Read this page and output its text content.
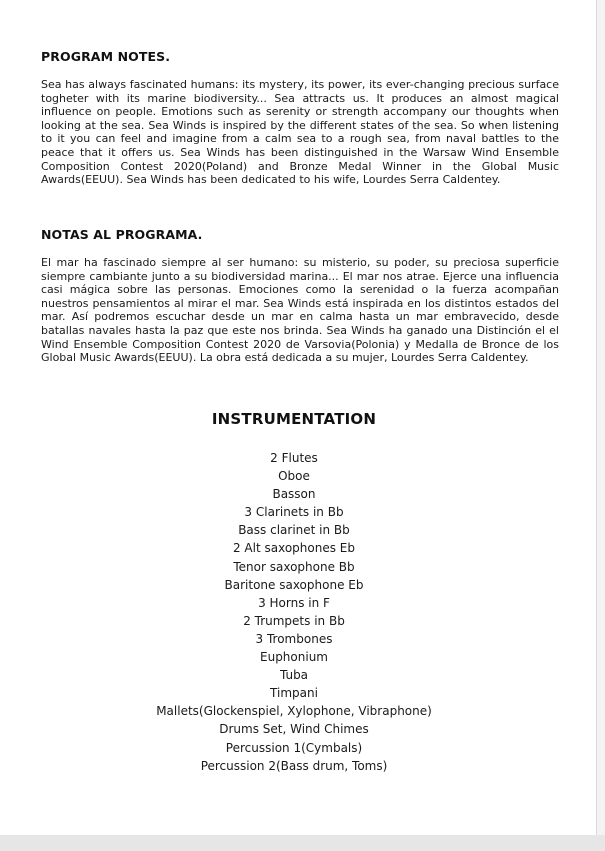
PROGRAM NOTES.

Sea has always fascinated humans: its mystery, its power, its ever-changing precious surface togheter with its marine biodiversity... Sea attracts us. It produces an almost magical influence on people. Emotions such as serenity or strength accompany our thoughts when looking at the sea. Sea Winds is inspired by the different states of the sea. So when listening to it you can feel and imagine from a calm sea to a rough sea, from naval battles to the peace that it offers us. Sea Winds has been distinguished in the Warsaw Wind Ensemble Composition Contest 2020(Poland) and Bronze Medal Winner in the Global Music Awards(EEUU). Sea Winds has been dedicated to his wife, Lourdes Serra Caldentey.

NOTAS AL PROGRAMA.

El mar ha fascinado siempre al ser humano: su misterio, su poder, su preciosa superficie siempre cambiante junto a su biodiversidad marina... El mar nos atrae. Ejerce una influencia casi mágica sobre las personas. Emociones como la serenidad o la fuerza acompañan nuestros pensamientos al mirar el mar. Sea Winds está inspirada en los distintos estados del mar. Así podremos escuchar desde un mar en calma hasta un mar embravecido, desde batallas navales hasta la paz que este nos brinda. Sea Winds ha ganado una Distinción el el Wind Ensemble Composition Contest 2020 de Varsovia(Polonia) y Medalla de Bronce de los Global Music Awards(EEUU). La obra está dedicada a su mujer, Lourdes Serra Caldentey.

INSTRUMENTATION
2 Flutes
Oboe
Basson
3 Clarinets in Bb
Bass clarinet in Bb
2 Alt saxophones Eb
Tenor saxophone Bb
Baritone saxophone Eb
3 Horns in F
2 Trumpets in Bb
3 Trombones
Euphonium
Tuba
Timpani
Mallets(Glockenspiel, Xylophone, Vibraphone)
Drums Set, Wind Chimes
Percussion 1(Cymbals)
Percussion 2(Bass drum, Toms)
